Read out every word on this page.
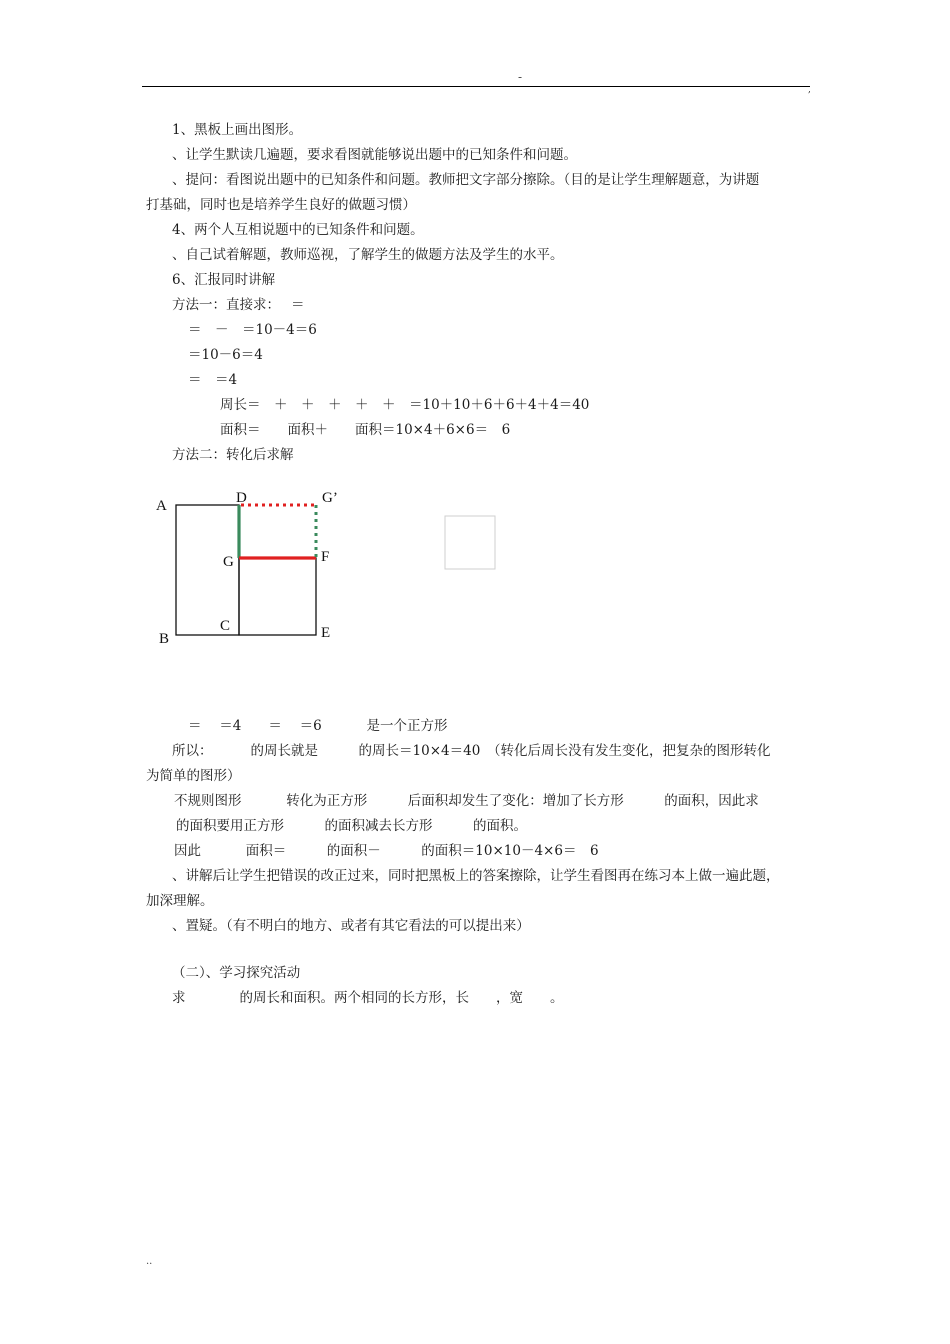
-
,
1、黑板上画出图形。
、让学生默读几遍题，要求看图就能够说出题中的已知条件和问题。
、提问：看图说出题中的已知条件和问题。教师把文字部分擦除。（目的是让学生理解题意，为讲题
打基础，同时也是培养学生良好的做题习惯）
4、两个人互相说题中的已知条件和问题。
、自己试着解题，教师巡视，了解学生的做题方法及学生的水平。
6、汇报同时讲解
方法一：直接求：　 ＝
＝　－　＝10－4＝6
＝10－6＝4
＝　＝4
周长＝　＋　＋　＋　＋　＋　＝10＋10＋6＋6＋4＋4＝40
面积＝　　面积＋　　面积＝10×4＋6×6＝　6
方法二：转化后求解
A	D	G’
G	F
C
B	E
＝　 ＝4　　＝　 ＝6　　　 是一个正方形
所以：　　　 的周长就是　　　的周长＝10×4＝40　（转化后周长没有发生变化，把复杂的图形转化
为简单的图形）
不规则图形　　　 转化为正方形　　　后面积却发生了变化：增加了长方形　　　的面积，因此求
的面积要用正方形　　　的面积减去长方形　　　的面积。
因此　　　 面积＝　　　的面积－　　　的面积＝10×10－4×6＝　6
、讲解后让学生把错误的改正过来，同时把黑板上的答案擦除，让学生看图再在练习本上做一遍此题，
加深理解。
、置疑。（有不明白的地方、或者有其它看法的可以提出来）
（二）、学习探究活动
求　　　　的周长和面积。两个相同的长方形，长　　，宽　　。
..
